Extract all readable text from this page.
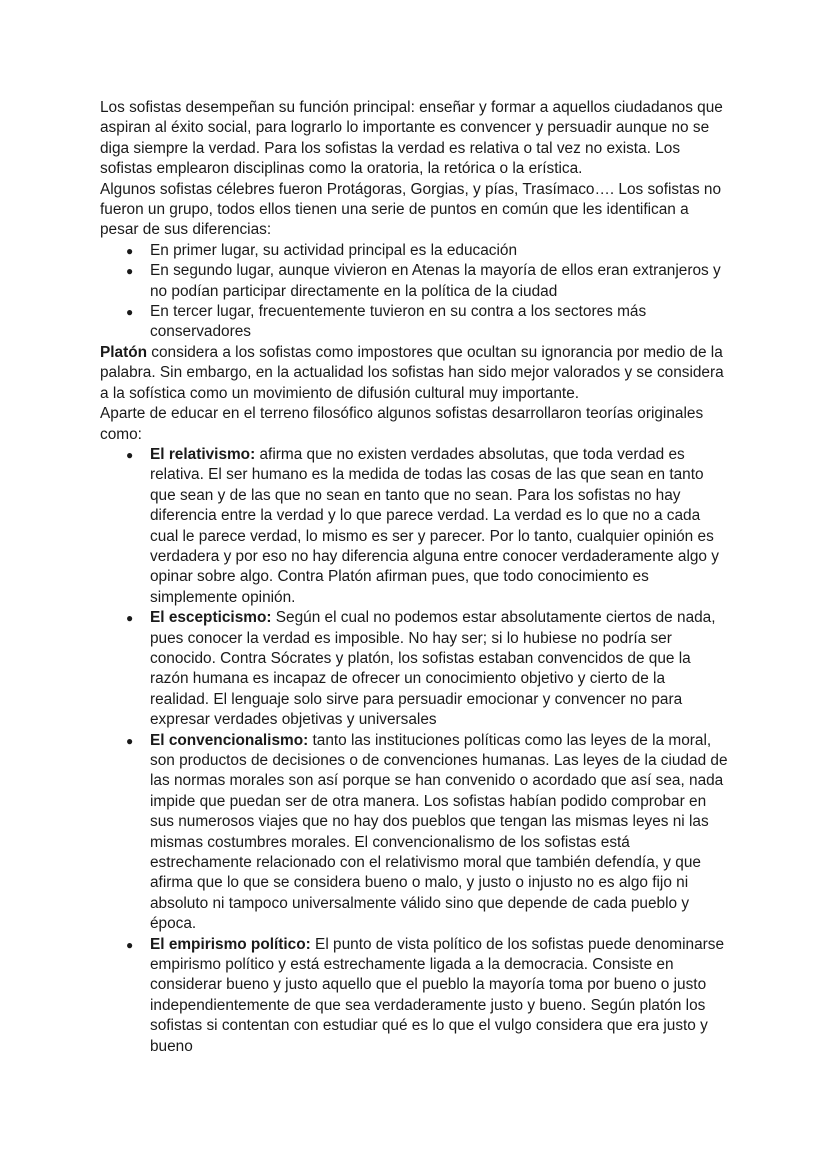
Los sofistas desempeñan su función principal: enseñar y formar a aquellos ciudadanos que aspiran al éxito social, para lograrlo lo importante es convencer y persuadir aunque no se diga siempre la verdad. Para los sofistas la verdad es relativa o tal vez no exista. Los sofistas emplearon disciplinas como la oratoria, la retórica o la erística.

Algunos sofistas célebres fueron Protágoras, Gorgias, y pías, Trasímaco…. Los sofistas no fueron un grupo, todos ellos tienen una serie de puntos en común que les identifican a pesar de sus diferencias:

● En primer lugar, su actividad principal es la educación
● En segundo lugar, aunque vivieron en Atenas la mayoría de ellos eran extranjeros y no podían participar directamente en la política de la ciudad
● En tercer lugar, frecuentemente tuvieron en su contra a los sectores más conservadores

Platón considera a los sofistas como impostores que ocultan su ignorancia por medio de la palabra. Sin embargo, en la actualidad los sofistas han sido mejor valorados y se considera a la sofística como un movimiento de difusión cultural muy importante.

Aparte de educar en el terreno filosófico algunos sofistas desarrollaron teorías originales como:

● El relativismo: afirma que no existen verdades absolutas, que toda verdad es relativa. El ser humano es la medida de todas las cosas de las que sean en tanto que sean y de las que no sean en tanto que no sean. Para los sofistas no hay diferencia entre la verdad y lo que parece verdad. La verdad es lo que no a cada cual le parece verdad, lo mismo es ser y parecer. Por lo tanto, cualquier opinión es verdadera y por eso no hay diferencia alguna entre conocer verdaderamente algo y opinar sobre algo. Contra Platón afirman pues, que todo conocimiento es simplemente opinión.
● El escepticismo: Según el cual no podemos estar absolutamente ciertos de nada, pues conocer la verdad es imposible. No hay ser; si lo hubiese no podría ser conocido. Contra Sócrates y platón, los sofistas estaban convencidos de que la razón humana es incapaz de ofrecer un conocimiento objetivo y cierto de la realidad. El lenguaje solo sirve para persuadir emocionar y convencer no para expresar verdades objetivas y universales
● El convencionalismo: tanto las instituciones políticas como las leyes de la moral, son productos de decisiones o de convenciones humanas. Las leyes de la ciudad de las normas morales son así porque se han convenido o acordado que así sea, nada impide que puedan ser de otra manera. Los sofistas habían podido comprobar en sus numerosos viajes que no hay dos pueblos que tengan las mismas leyes ni las mismas costumbres morales. El convencionalismo de los sofistas está estrechamente relacionado con el relativismo moral que también defendía, y que afirma que lo que se considera bueno o malo, y justo o injusto no es algo fijo ni absoluto ni tampoco universalmente válido sino que depende de cada pueblo y época.
● El empirismo político: El punto de vista político de los sofistas puede denominarse empirismo político y está estrechamente ligada a la democracia. Consiste en considerar bueno y justo aquello que el pueblo la mayoría toma por bueno o justo independientemente de que sea verdaderamente justo y bueno. Según platón los sofistas si contentan con estudiar qué es lo que el vulgo considera que era justo y bueno
